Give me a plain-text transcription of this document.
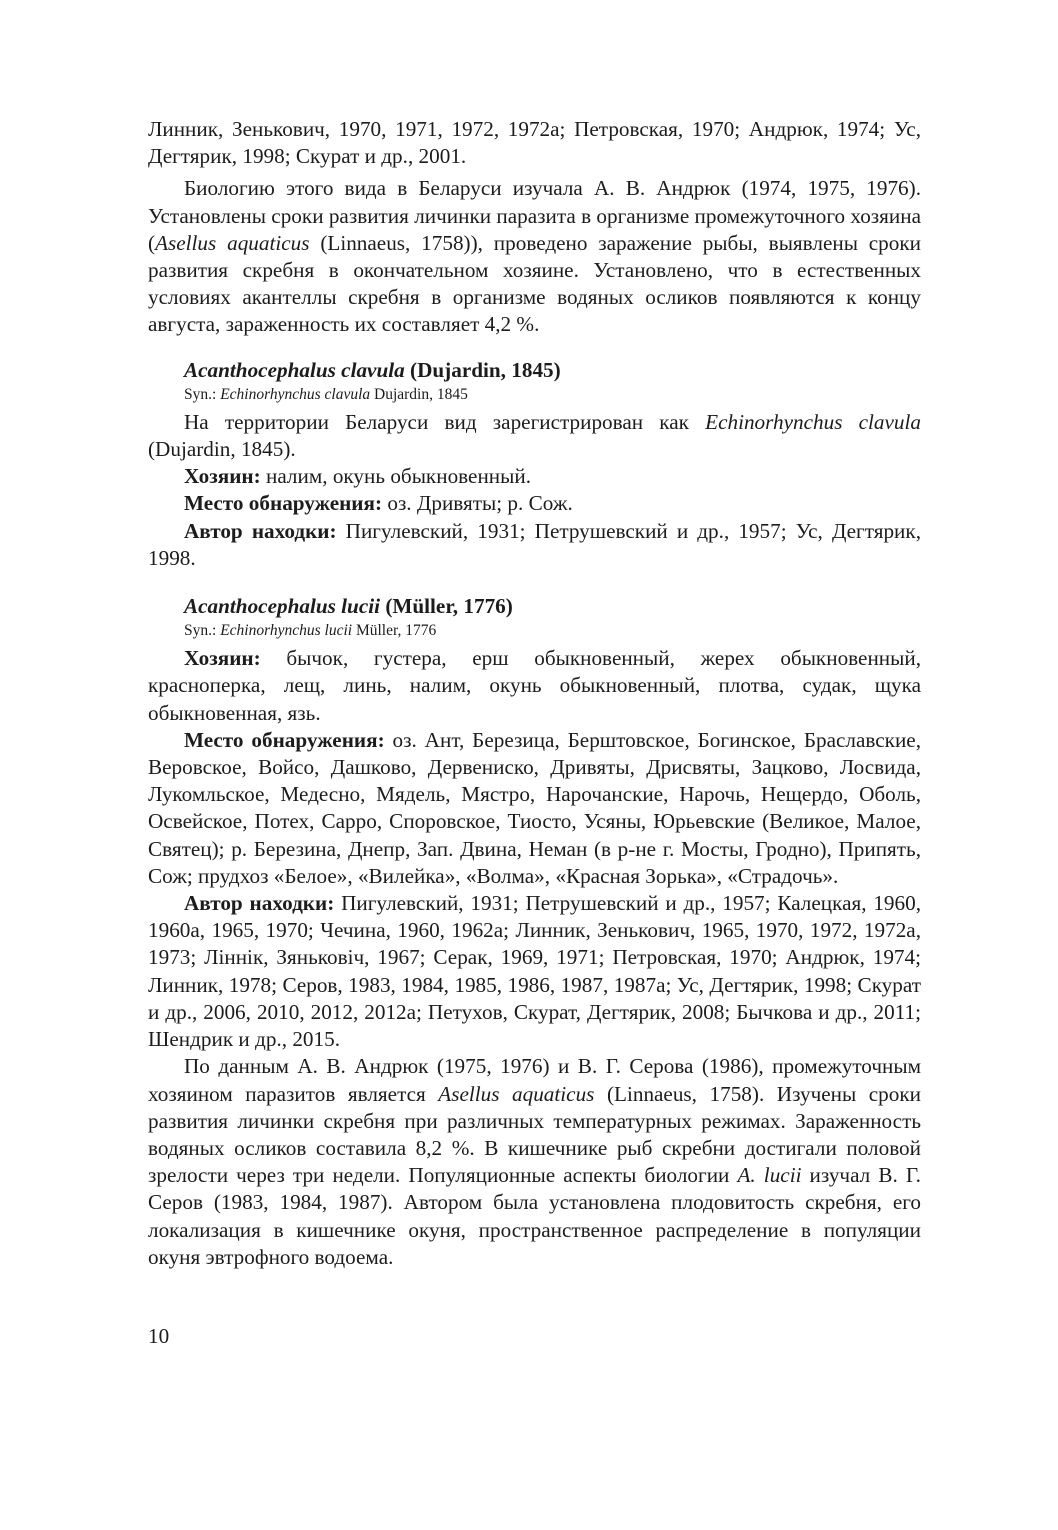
Линник, Зенькович, 1970, 1971, 1972, 1972а; Петровская, 1970; Андрюк, 1974; Ус, Дегтярик, 1998; Скурат и др., 2001.

Биологию этого вида в Беларуси изучала А. В. Андрюк (1974, 1975, 1976). Установлены сроки развития личинки паразита в организме промежуточного хозяина (Asellus aquaticus (Linnaeus, 1758)), проведено заражение рыбы, выявлены сроки развития скребня в окончательном хозяине. Установлено, что в естественных условиях акантеллы скребня в организме водяных осликов появляются к концу августа, зараженность их составляет 4,2 %.

Acanthocephalus clavula (Dujardin, 1845)

Syn.: Echinorhynchus clavula Dujardin, 1845

На территории Беларуси вид зарегистрирован как Echinorhynchus clavula (Dujardin, 1845).

Хозяин: налим, окунь обыкновенный.

Место обнаружения: оз. Дривяты; р. Сож.

Автор находки: Пигулевский, 1931; Петрушевский и др., 1957; Ус, Дегтярик, 1998.

Acanthocephalus lucii (Müller, 1776)

Syn.: Echinorhynchus lucii Müller, 1776

Хозяин: бычок, густера, ерш обыкновенный, жерех обыкновенный, красноперка, лещ, линь, налим, окунь обыкновенный, плотва, судак, щука обыкновенная, язь.

Место обнаружения: оз. Ант, Березица, Берштовское, Богинское, Браславские, Веровское, Войсо, Дашково, Дервениско, Дривяты, Дрисвяты, Зацково, Лосвида, Лукомльское, Медесно, Мядель, Мястро, Нарочанские, Нарочь, Нещердо, Оболь, Освейское, Потех, Сарро, Споровское, Тиосто, Усяны, Юрьевские (Великое, Малое, Святец); р. Березина, Днепр, Зап. Двина, Неман (в р-не г. Мосты, Гродно), Припять, Сож; прудхоз «Белое», «Вилейка», «Волма», «Красная Зорька», «Страдочь».

Автор находки: Пигулевский, 1931; Петрушевский и др., 1957; Калецкая, 1960, 1960а, 1965, 1970; Чечина, 1960, 1962а; Линник, Зенькович, 1965, 1970, 1972, 1972а, 1973; Ліннік, Зяньковіч, 1967; Серак, 1969, 1971; Петровская, 1970; Андрюк, 1974; Линник, 1978; Серов, 1983, 1984, 1985, 1986, 1987, 1987а; Ус, Дегтярик, 1998; Скурат и др., 2006, 2010, 2012, 2012а; Петухов, Скурат, Дегтярик, 2008; Бычкова и др., 2011; Шендрик и др., 2015.

По данным А. В. Андрюк (1975, 1976) и В. Г. Серова (1986), промежуточным хозяином паразитов является Asellus aquaticus (Linnaeus, 1758). Изучены сроки развития личинки скребня при различных температурных режимах. Зараженность водяных осликов составила 8,2 %. В кишечнике рыб скребни достигали половой зрелости через три недели. Популяционные аспекты биологии A. lucii изучал В. Г. Серов (1983, 1984, 1987). Автором была установлена плодовитость скребня, его локализация в кишечнике окуня, пространственное распределение в популяции окуня эвтрофного водоема.

10
